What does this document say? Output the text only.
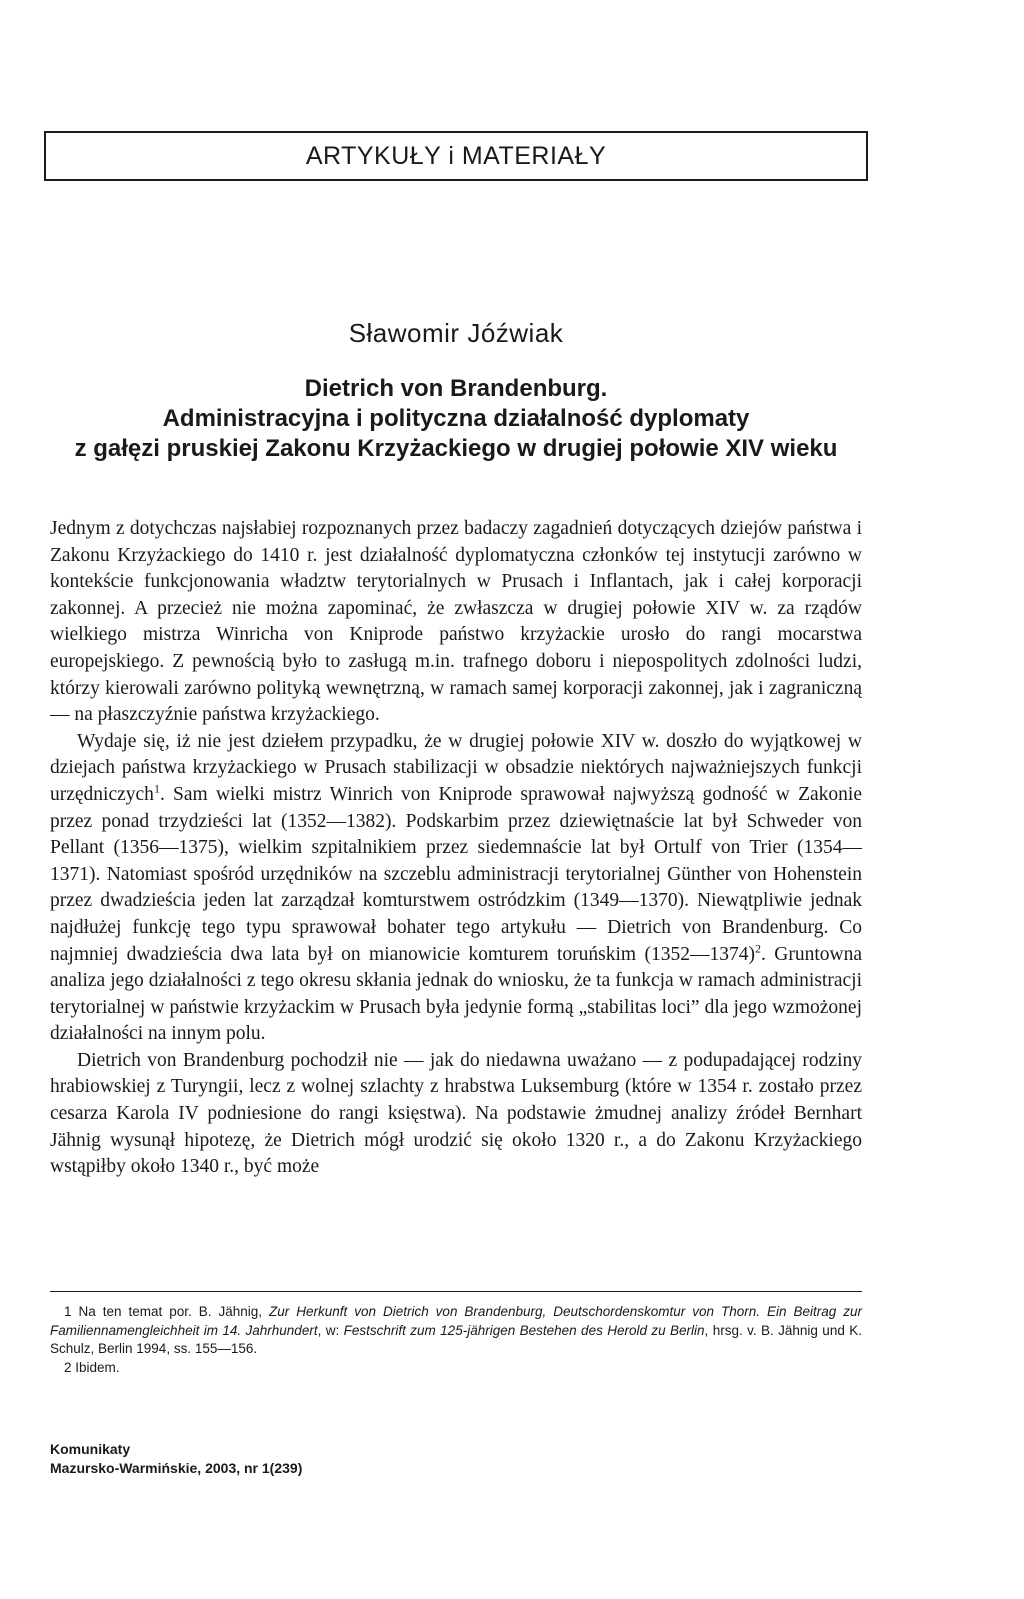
ARTYKUŁY i MATERIAŁY
Sławomir Jóźwiak
Dietrich von Brandenburg.
Administracyjna i polityczna działalność dyplomaty
z gałęzi pruskiej Zakonu Krzyżackiego w drugiej połowie XIV wieku

Jednym z dotychczas najsłabiej rozpoznanych przez badaczy zagadnień dotyczących dziejów państwa i Zakonu Krzyżackiego do 1410 r. jest działalność dyplomatyczna członków tej instytucji zarówno w kontekście funkcjonowania władztw terytorialnych w Prusach i Inflantach, jak i całej korporacji zakonnej. A przecież nie można zapominać, że zwłaszcza w drugiej połowie XIV w. za rządów wielkiego mistrza Winricha von Kniprode państwo krzyżackie urosło do rangi mocarstwa europejskiego. Z pewnością było to zasługą m.in. trafnego doboru i niepospolitych zdolności ludzi, którzy kierowali zarówno polityką wewnętrzną, w ramach samej korporacji zakonnej, jak i zagraniczną — na płaszczyźnie państwa krzyżackiego.

Wydaje się, iż nie jest dziełem przypadku, że w drugiej połowie XIV w. doszło do wyjątkowej w dziejach państwa krzyżackiego w Prusach stabilizacji w obsadzie niektórych najważniejszych funkcji urzędniczych$^1$. Sam wielki mistrz Winrich von Kniprode sprawował najwyższą godność w Zakonie przez ponad trzydzieści lat (1352—1382). Podskarbim przez dziewiętnaście lat był Schweder von Pellant (1356—1375), wielkim szpitalnikiem przez siedemnaście lat był Ortulf von Trier (1354—1371). Natomiast spośród urzędników na szczeblu administracji terytorialnej Günther von Hohenstein przez dwadzieścia jeden lat zarządzał komturstwem ostródzkim (1349—1370). Niewątpliwie jednak najdłużej funkcję tego typu sprawował bohater tego artykułu — Dietrich von Brandenburg. Co najmniej dwadzieścia dwa lata był on mianowicie komturem toruńskim (1352—1374)$^2$. Gruntowna analiza jego działalności z tego okresu skłania jednak do wniosku, że ta funkcja w ramach administracji terytorialnej w państwie krzyżackim w Prusach była jedynie formą „stabilitas loci” dla jego wzmożonej działalności na innym polu.

Dietrich von Brandenburg pochodził nie — jak do niedawna uważano — z podupadającej rodziny hrabiowskiej z Turyngii, lecz z wolnej szlachty z hrabstwa Luksemburg (które w 1354 r. zostało przez cesarza Karola IV podniesione do rangi księstwa). Na podstawie żmudnej analizy źródeł Bernhart Jähnig wysunął hipotezę, że Dietrich mógł urodzić się około 1320 r., a do Zakonu Krzyżackiego wstąpiłby około 1340 r., być może

1 Na ten temat por. B. Jähnig, Zur Herkunft von Dietrich von Brandenburg, Deutschordenskomtur von Thorn. Ein Beitrag zur Familiennamengleichheit im 14. Jahrhundert, w: Festschrift zum 125-jährigen Bestehen des Herold zu Berlin, hrsg. v. B. Jähnig und K. Schulz, Berlin 1994, ss. 155—156.

2 Ibidem.

Komunikaty
Mazursko-Warmińskie, 2003, nr 1(239)
